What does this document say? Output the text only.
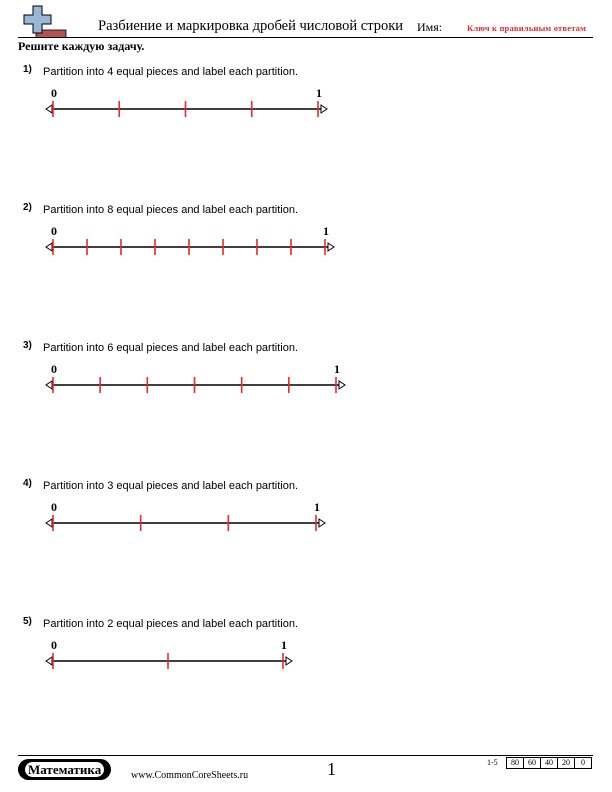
Разбиение и маркировка дробей числовой строки Имя:	Ключ к правильным ответам
Решите каждую задачу.
1) Partition into 4 equal pieces and label each partition.
0	1
2) Partition into 8 equal pieces and label each partition.
0	1
3) Partition into 6 equal pieces and label each partition.
0	1
4) Partition into 3 equal pieces and label each partition.
0	1
5) Partition into 2 equal pieces and label each partition.
0	1
Математика	www.CommonCoreSheets.ru	1	1-5	80	60	40	20	0
